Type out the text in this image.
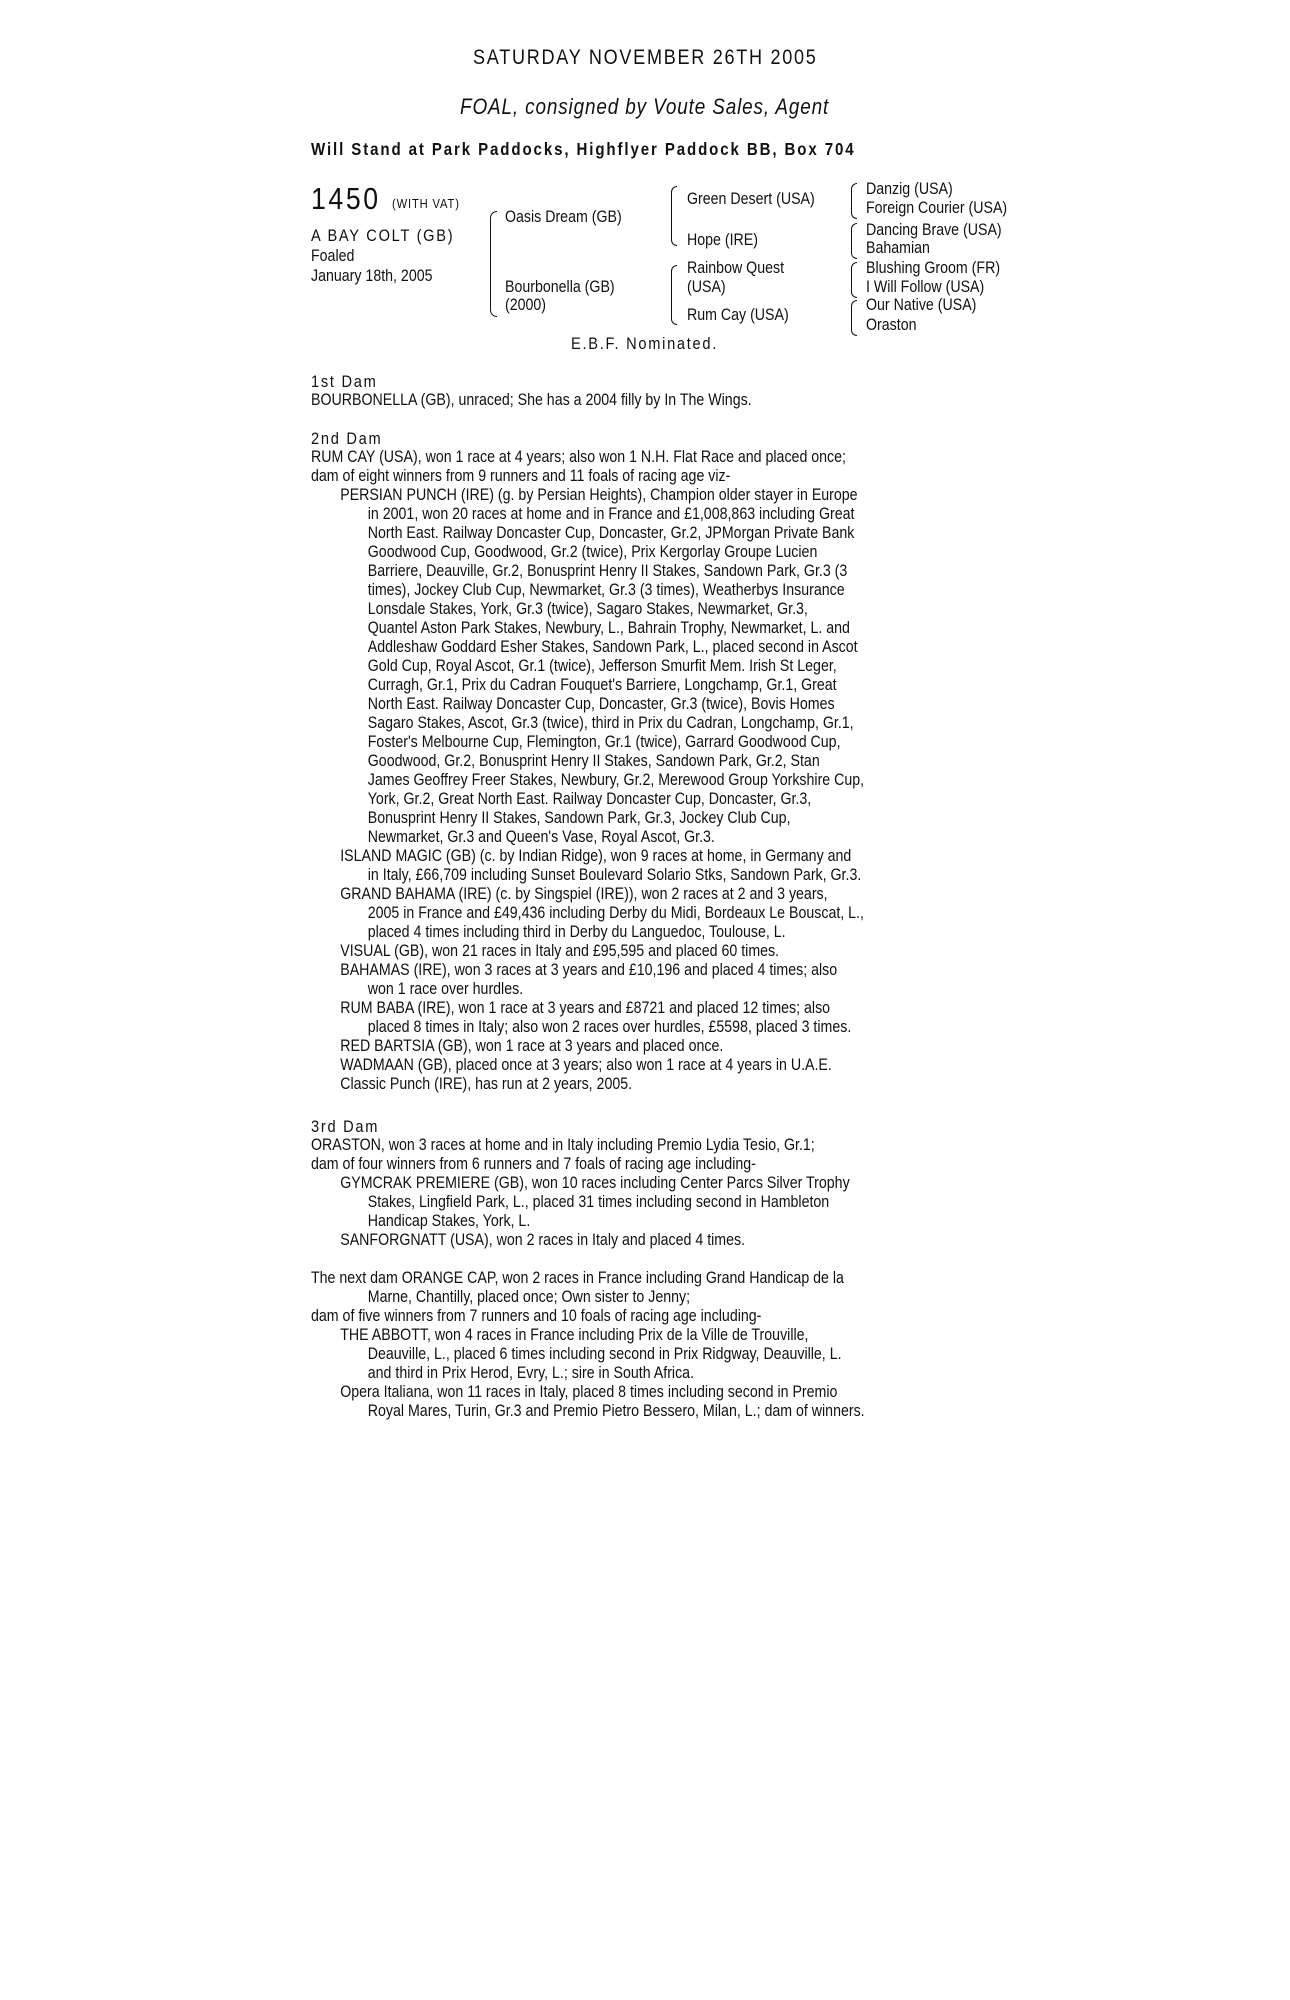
SATURDAY NOVEMBER 26TH 2005
FOAL, consigned by Voute Sales, Agent
Will Stand at Park Paddocks, Highflyer Paddock BB, Box 704
1450 (WITH VAT)
A BAY COLT (GB)
Foaled
January 18th, 2005
Oasis Dream (GB)
Bourbonella (GB)
(2000)
Green Desert (USA)
Hope (IRE)
Rainbow Quest
(USA)
Rum Cay (USA)
Danzig (USA)
Foreign Courier (USA)
Dancing Brave (USA)
Bahamian
Blushing Groom (FR)
I Will Follow (USA)
Our Native (USA)
Oraston
E.B.F. Nominated.
1st Dam
BOURBONELLA (GB), unraced; She has a 2004 filly by In The Wings.
2nd Dam
RUM CAY (USA), won 1 race at 4 years; also won 1 N.H. Flat Race and placed once;
dam of eight winners from 9 runners and 11 foals of racing age viz-
PERSIAN PUNCH (IRE) (g. by Persian Heights), Champion older stayer in Europe
in 2001, won 20 races at home and in France and £1,008,863 including Great
North East. Railway Doncaster Cup, Doncaster, Gr.2, JPMorgan Private Bank
Goodwood Cup, Goodwood, Gr.2 (twice), Prix Kergorlay Groupe Lucien
Barriere, Deauville, Gr.2, Bonusprint Henry II Stakes, Sandown Park, Gr.3 (3
times), Jockey Club Cup, Newmarket, Gr.3 (3 times), Weatherbys Insurance
Lonsdale Stakes, York, Gr.3 (twice), Sagaro Stakes, Newmarket, Gr.3,
Quantel Aston Park Stakes, Newbury, L., Bahrain Trophy, Newmarket, L. and
Addleshaw Goddard Esher Stakes, Sandown Park, L., placed second in Ascot
Gold Cup, Royal Ascot, Gr.1 (twice), Jefferson Smurfit Mem. Irish St Leger,
Curragh, Gr.1, Prix du Cadran Fouquet's Barriere, Longchamp, Gr.1, Great
North East. Railway Doncaster Cup, Doncaster, Gr.3 (twice), Bovis Homes
Sagaro Stakes, Ascot, Gr.3 (twice), third in Prix du Cadran, Longchamp, Gr.1,
Foster's Melbourne Cup, Flemington, Gr.1 (twice), Garrard Goodwood Cup,
Goodwood, Gr.2, Bonusprint Henry II Stakes, Sandown Park, Gr.2, Stan
James Geoffrey Freer Stakes, Newbury, Gr.2, Merewood Group Yorkshire Cup,
York, Gr.2, Great North East. Railway Doncaster Cup, Doncaster, Gr.3,
Bonusprint Henry II Stakes, Sandown Park, Gr.3, Jockey Club Cup,
Newmarket, Gr.3 and Queen's Vase, Royal Ascot, Gr.3.
ISLAND MAGIC (GB) (c. by Indian Ridge), won 9 races at home, in Germany and
in Italy, £66,709 including Sunset Boulevard Solario Stks, Sandown Park, Gr.3.
GRAND BAHAMA (IRE) (c. by Singspiel (IRE)), won 2 races at 2 and 3 years,
2005 in France and £49,436 including Derby du Midi, Bordeaux Le Bouscat, L.,
placed 4 times including third in Derby du Languedoc, Toulouse, L.
VISUAL (GB), won 21 races in Italy and £95,595 and placed 60 times.
BAHAMAS (IRE), won 3 races at 3 years and £10,196 and placed 4 times; also
won 1 race over hurdles.
RUM BABA (IRE), won 1 race at 3 years and £8721 and placed 12 times; also
placed 8 times in Italy; also won 2 races over hurdles, £5598, placed 3 times.
RED BARTSIA (GB), won 1 race at 3 years and placed once.
WADMAAN (GB), placed once at 3 years; also won 1 race at 4 years in U.A.E.
Classic Punch (IRE), has run at 2 years, 2005.
3rd Dam
ORASTON, won 3 races at home and in Italy including Premio Lydia Tesio, Gr.1;
dam of four winners from 6 runners and 7 foals of racing age including-
GYMCRAK PREMIERE (GB), won 10 races including Center Parcs Silver Trophy
Stakes, Lingfield Park, L., placed 31 times including second in Hambleton
Handicap Stakes, York, L.
SANFORGNATT (USA), won 2 races in Italy and placed 4 times.
The next dam ORANGE CAP, won 2 races in France including Grand Handicap de la
Marne, Chantilly, placed once; Own sister to Jenny;
dam of five winners from 7 runners and 10 foals of racing age including-
THE ABBOTT, won 4 races in France including Prix de la Ville de Trouville,
Deauville, L., placed 6 times including second in Prix Ridgway, Deauville, L.
and third in Prix Herod, Evry, L.; sire in South Africa.
Opera Italiana, won 11 races in Italy, placed 8 times including second in Premio
Royal Mares, Turin, Gr.3 and Premio Pietro Bessero, Milan, L.; dam of winners.
